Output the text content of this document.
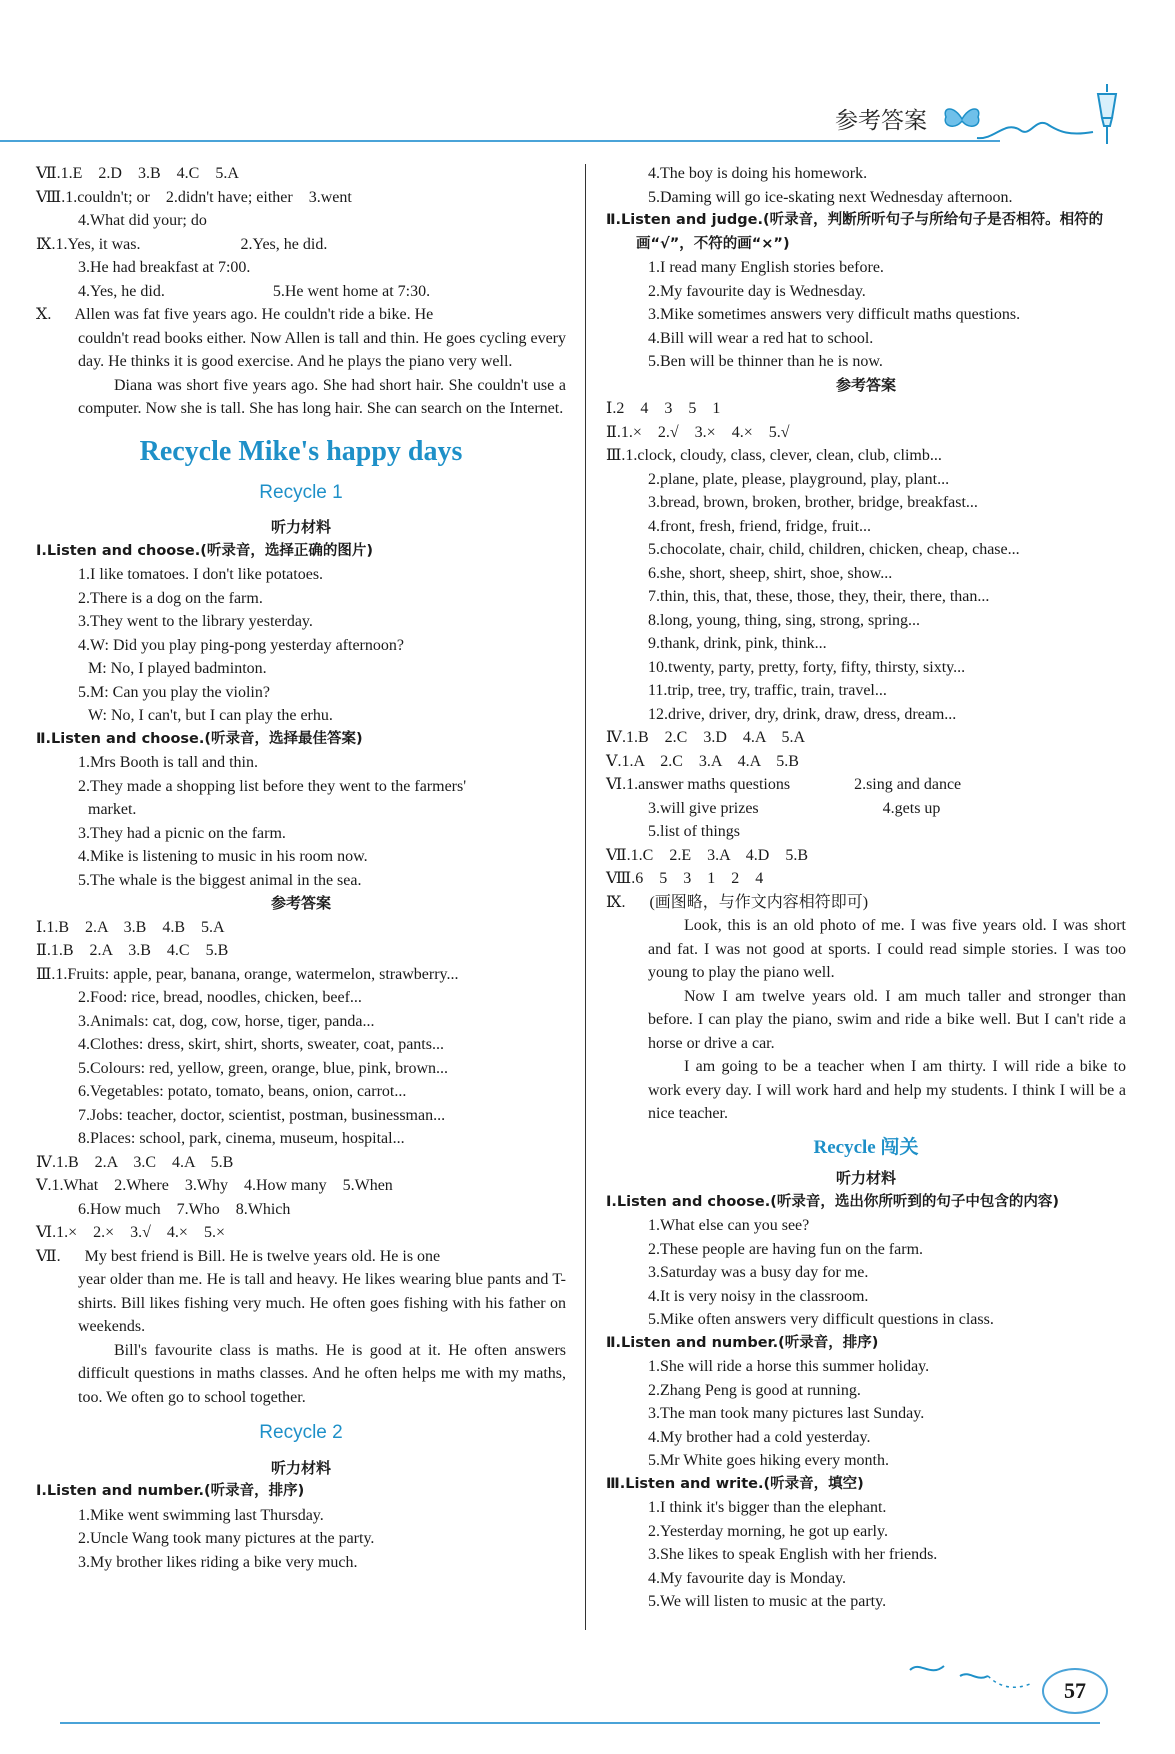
参考答案
Ⅶ.1.E    2.D    3.B    4.C    5.A
Ⅷ.1.couldn't; or    2.didn't have; either    3.went
4.What did your; do
Ⅸ.1.Yes, it was.                         2.Yes, he did.
3.He had breakfast at 7:00.
4.Yes, he did.                           5.He went home at 7:30.
Ⅹ.      Allen was fat five years ago. He couldn't ride a bike. He
couldn't read books either. Now Allen is tall and thin. He goes cycling every day. He thinks it is good exercise. And he plays the piano very well.
Diana was short five years ago. She had short hair. She couldn't use a computer. Now she is tall. She has long hair. She can search on the Internet.
Recycle Mike's happy days
Recycle 1
听力材料
Ⅰ.Listen and choose.(听录音，选择正确的图片)
1.I like tomatoes. I don't like potatoes.
2.There is a dog on the farm.
3.They went to the library yesterday.
4.W: Did you play ping-pong yesterday afternoon?
M: No, I played badminton.
5.M: Can you play the violin?
W: No, I can't, but I can play the erhu.
Ⅱ.Listen and choose.(听录音，选择最佳答案)
1.Mrs Booth is tall and thin.
2.They made a shopping list before they went to the farmers'
market.
3.They had a picnic on the farm.
4.Mike is listening to music in his room now.
5.The whale is the biggest animal in the sea.
参考答案
Ⅰ.1.B    2.A    3.B    4.B    5.A
Ⅱ.1.B    2.A    3.B    4.C    5.B
Ⅲ.1.Fruits: apple, pear, banana, orange, watermelon, strawberry...
2.Food: rice, bread, noodles, chicken, beef...
3.Animals: cat, dog, cow, horse, tiger, panda...
4.Clothes: dress, skirt, shirt, shorts, sweater, coat, pants...
5.Colours: red, yellow, green, orange, blue, pink, brown...
6.Vegetables: potato, tomato, beans, onion, carrot...
7.Jobs: teacher, doctor, scientist, postman, businessman...
8.Places: school, park, cinema, museum, hospital...
Ⅳ.1.B    2.A    3.C    4.A    5.B
Ⅴ.1.What    2.Where    3.Why    4.How many    5.When
6.How much    7.Who    8.Which
Ⅵ.1.×    2.×    3.√    4.×    5.×
Ⅶ.      My best friend is Bill. He is twelve years old. He is one
year older than me. He is tall and heavy. He likes wearing blue pants and T-shirts. Bill likes fishing very much. He often goes fishing with his father on weekends.
Bill's favourite class is maths. He is good at it. He often answers difficult questions in maths classes. And he often helps me with my maths, too. We often go to school together.
Recycle 2
听力材料
Ⅰ.Listen and number.(听录音，排序)
1.Mike went swimming last Thursday.
2.Uncle Wang took many pictures at the party.
3.My brother likes riding a bike very much.
4.The boy is doing his homework.
5.Daming will go ice-skating next Wednesday afternoon.
Ⅱ.Listen and judge.(听录音，判断所听句子与所给句子是否相符。相符的画“√”，不符的画“×”)
1.I read many English stories before.
2.My favourite day is Wednesday.
3.Mike sometimes answers very difficult maths questions.
4.Bill will wear a red hat to school.
5.Ben will be thinner than he is now.
参考答案
Ⅰ.2    4    3    5    1
Ⅱ.1.×    2.√    3.×    4.×    5.√
Ⅲ.1.clock, cloudy, class, clever, clean, club, climb...
2.plane, plate, please, playground, play, plant...
3.bread, brown, broken, brother, bridge, breakfast...
4.front, fresh, friend, fridge, fruit...
5.chocolate, chair, child, children, chicken, cheap, chase...
6.she, short, sheep, shirt, shoe, show...
7.thin, this, that, these, those, they, their, there, than...
8.long, young, thing, sing, strong, spring...
9.thank, drink, pink, think...
10.twenty, party, pretty, forty, fifty, thirsty, sixty...
11.trip, tree, try, traffic, train, travel...
12.drive, driver, dry, drink, draw, dress, dream...
Ⅳ.1.B    2.C    3.D    4.A    5.A
Ⅴ.1.A    2.C    3.A    4.A    5.B
Ⅵ.1.answer maths questions                2.sing and dance
3.will give prizes                               4.gets up
5.list of things
Ⅶ.1.C    2.E    3.A    4.D    5.B
Ⅷ.6    5    3    1    2    4
Ⅸ.      (画图略，与作文内容相符即可)
Look, this is an old photo of me. I was five years old. I was short and fat. I was not good at sports. I could read simple stories. I was too young to play the piano well.
Now I am twelve years old. I am much taller and stronger than before. I can play the piano, swim and ride a bike well. But I can't ride a horse or drive a car.
I am going to be a teacher when I am thirty. I will ride a bike to work every day. I will work hard and help my students. I think I will be a nice teacher.
Recycle 闯关
听力材料
Ⅰ.Listen and choose.(听录音，选出你所听到的句子中包含的内容)
1.What else can you see?
2.These people are having fun on the farm.
3.Saturday was a busy day for me.
4.It is very noisy in the classroom.
5.Mike often answers very difficult questions in class.
Ⅱ.Listen and number.(听录音，排序)
1.She will ride a horse this summer holiday.
2.Zhang Peng is good at running.
3.The man took many pictures last Sunday.
4.My brother had a cold yesterday.
5.Mr White goes hiking every month.
Ⅲ.Listen and write.(听录音，填空)
1.I think it's bigger than the elephant.
2.Yesterday morning, he got up early.
3.She likes to speak English with her friends.
4.My favourite day is Monday.
5.We will listen to music at the party.
57
